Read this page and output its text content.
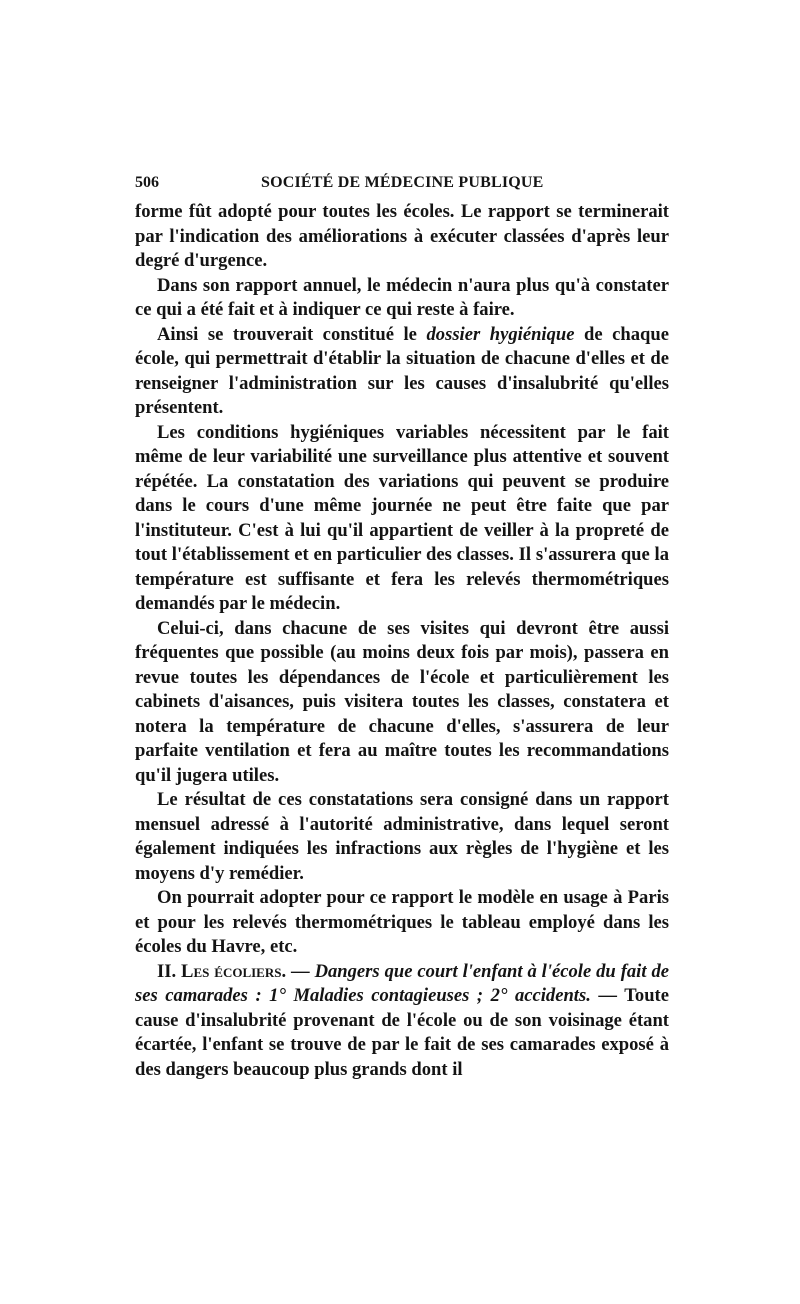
506	SOCIÉTÉ DE MÉDECINE PUBLIQUE

forme fût adopté pour toutes les écoles. Le rapport se terminerait par l'indication des améliorations à exécuter classées d'après leur degré d'urgence.

Dans son rapport annuel, le médecin n'aura plus qu'à constater ce qui a été fait et à indiquer ce qui reste à faire.

Ainsi se trouverait constitué le dossier hygiénique de chaque école, qui permettrait d'établir la situation de chacune d'elles et de renseigner l'administration sur les causes d'insalubrité qu'elles présentent.

Les conditions hygiéniques variables nécessitent par le fait même de leur variabilité une surveillance plus attentive et souvent répétée. La constatation des variations qui peuvent se produire dans le cours d'une même journée ne peut être faite que par l'instituteur. C'est à lui qu'il appartient de veiller à la propreté de tout l'établissement et en particulier des classes. Il s'assurera que la température est suffisante et fera les relevés thermométriques demandés par le médecin.

Celui-ci, dans chacune de ses visites qui devront être aussi fréquentes que possible (au moins deux fois par mois), passera en revue toutes les dépendances de l'école et particulièrement les cabinets d'aisances, puis visitera toutes les classes, constatera et notera la température de chacune d'elles, s'assurera de leur parfaite ventilation et fera au maître toutes les recommandations qu'il jugera utiles.

Le résultat de ces constatations sera consigné dans un rapport mensuel adressé à l'autorité administrative, dans lequel seront également indiquées les infractions aux règles de l'hygiène et les moyens d'y remédier.

On pourrait adopter pour ce rapport le modèle en usage à Paris et pour les relevés thermométriques le tableau employé dans les écoles du Havre, etc.

II. Les écoliers. — Dangers que court l'enfant à l'école du fait de ses camarades : 1° Maladies contagieuses ; 2° accidents. — Toute cause d'insalubrité provenant de l'école ou de son voisinage étant écartée, l'enfant se trouve de par le fait de ses camarades exposé à des dangers beaucoup plus grands dont il
